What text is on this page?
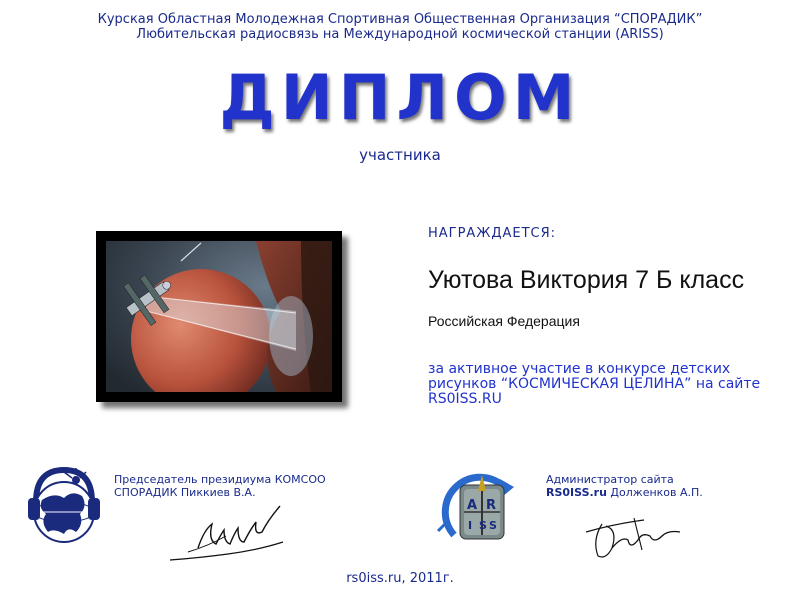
Курская Областная Молодежная Спортивная Общественная Организация “СПОРАДИК”
Любительская радиосвязь на Международной космической станции (ARISS)
ДИПЛОМ
участника
НАГРАЖДАЕТСЯ:
Уютова Виктория 7 Б класс
Российская Федерация
за активное участие в конкурсе детских рисунков “КОСМИЧЕСКАЯ ЦЕЛИНА” на сайте RS0ISS.RU
Председатель президиума КОМСОО
СПОРАДИК Пиккиев В.А.
A R
I S S
Администратор сайта
RS0ISS.ru Долженков А.П.
rs0iss.ru, 2011г.
